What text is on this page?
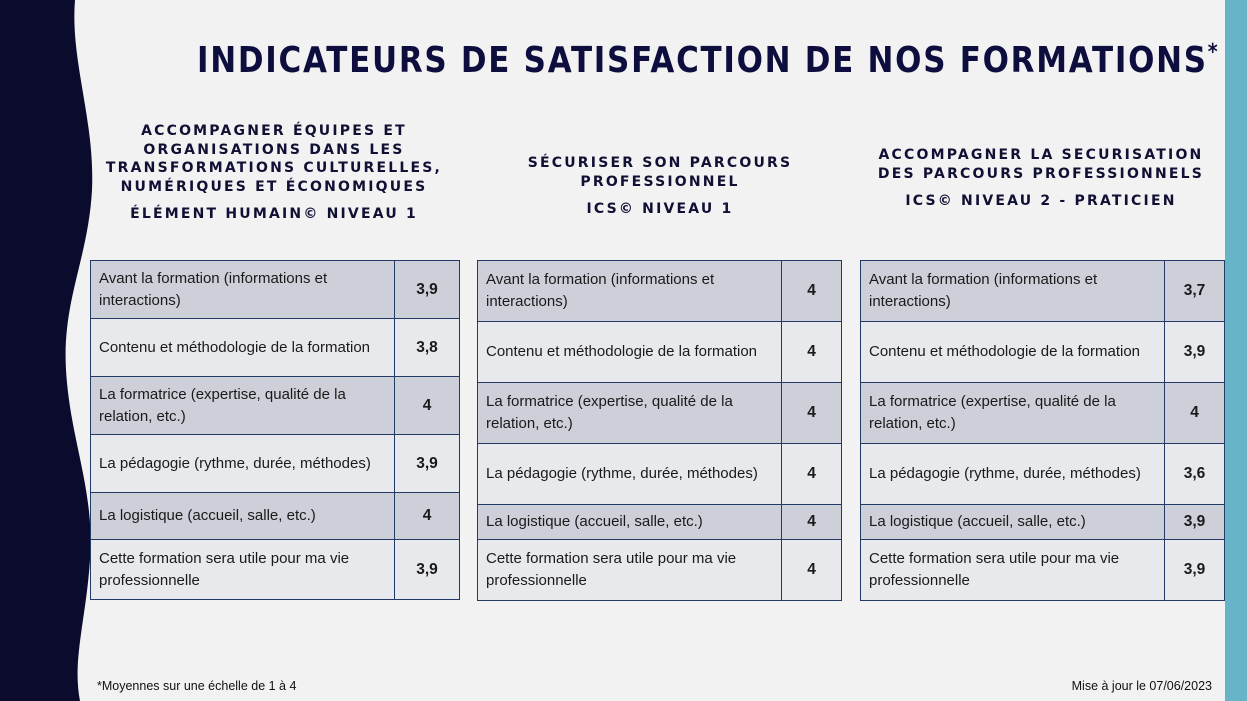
INDICATEURS DE SATISFACTION DE NOS FORMATIONS*
ACCOMPAGNER ÉQUIPES ET ORGANISATIONS DANS LES TRANSFORMATIONS CULTURELLES, NUMÉRIQUES ET ÉCONOMIQUES
ÉLÉMENT HUMAIN© NIVEAU 1
Avant la formation (informations et interactions)	3,9
Contenu et méthodologie de la formation	3,8
La formatrice (expertise, qualité de la relation, etc.)	4
La pédagogie (rythme, durée, méthodes)	3,9
La logistique (accueil, salle, etc.)	4
Cette formation sera utile pour ma vie professionnelle	3,9
SÉCURISER SON PARCOURS PROFESSIONNEL
ICS© NIVEAU 1
Avant la formation (informations et interactions)	4
Contenu et méthodologie de la formation	4
La formatrice (expertise, qualité de la relation, etc.)	4
La pédagogie (rythme, durée, méthodes)	4
La logistique (accueil, salle, etc.)	4
Cette formation sera utile pour ma vie professionnelle	4
ACCOMPAGNER LA SECURISATION DES PARCOURS PROFESSIONNELS
ICS© NIVEAU 2 - PRATICIEN
Avant la formation (informations et interactions)	3,7
Contenu et méthodologie de la formation	3,9
La formatrice (expertise, qualité de la relation, etc.)	4
La pédagogie (rythme, durée, méthodes)	3,6
La logistique (accueil, salle, etc.)	3,9
Cette formation sera utile pour ma vie professionnelle	3,9
*Moyennes sur une échelle de 1 à 4	Mise à jour le 07/06/2023
